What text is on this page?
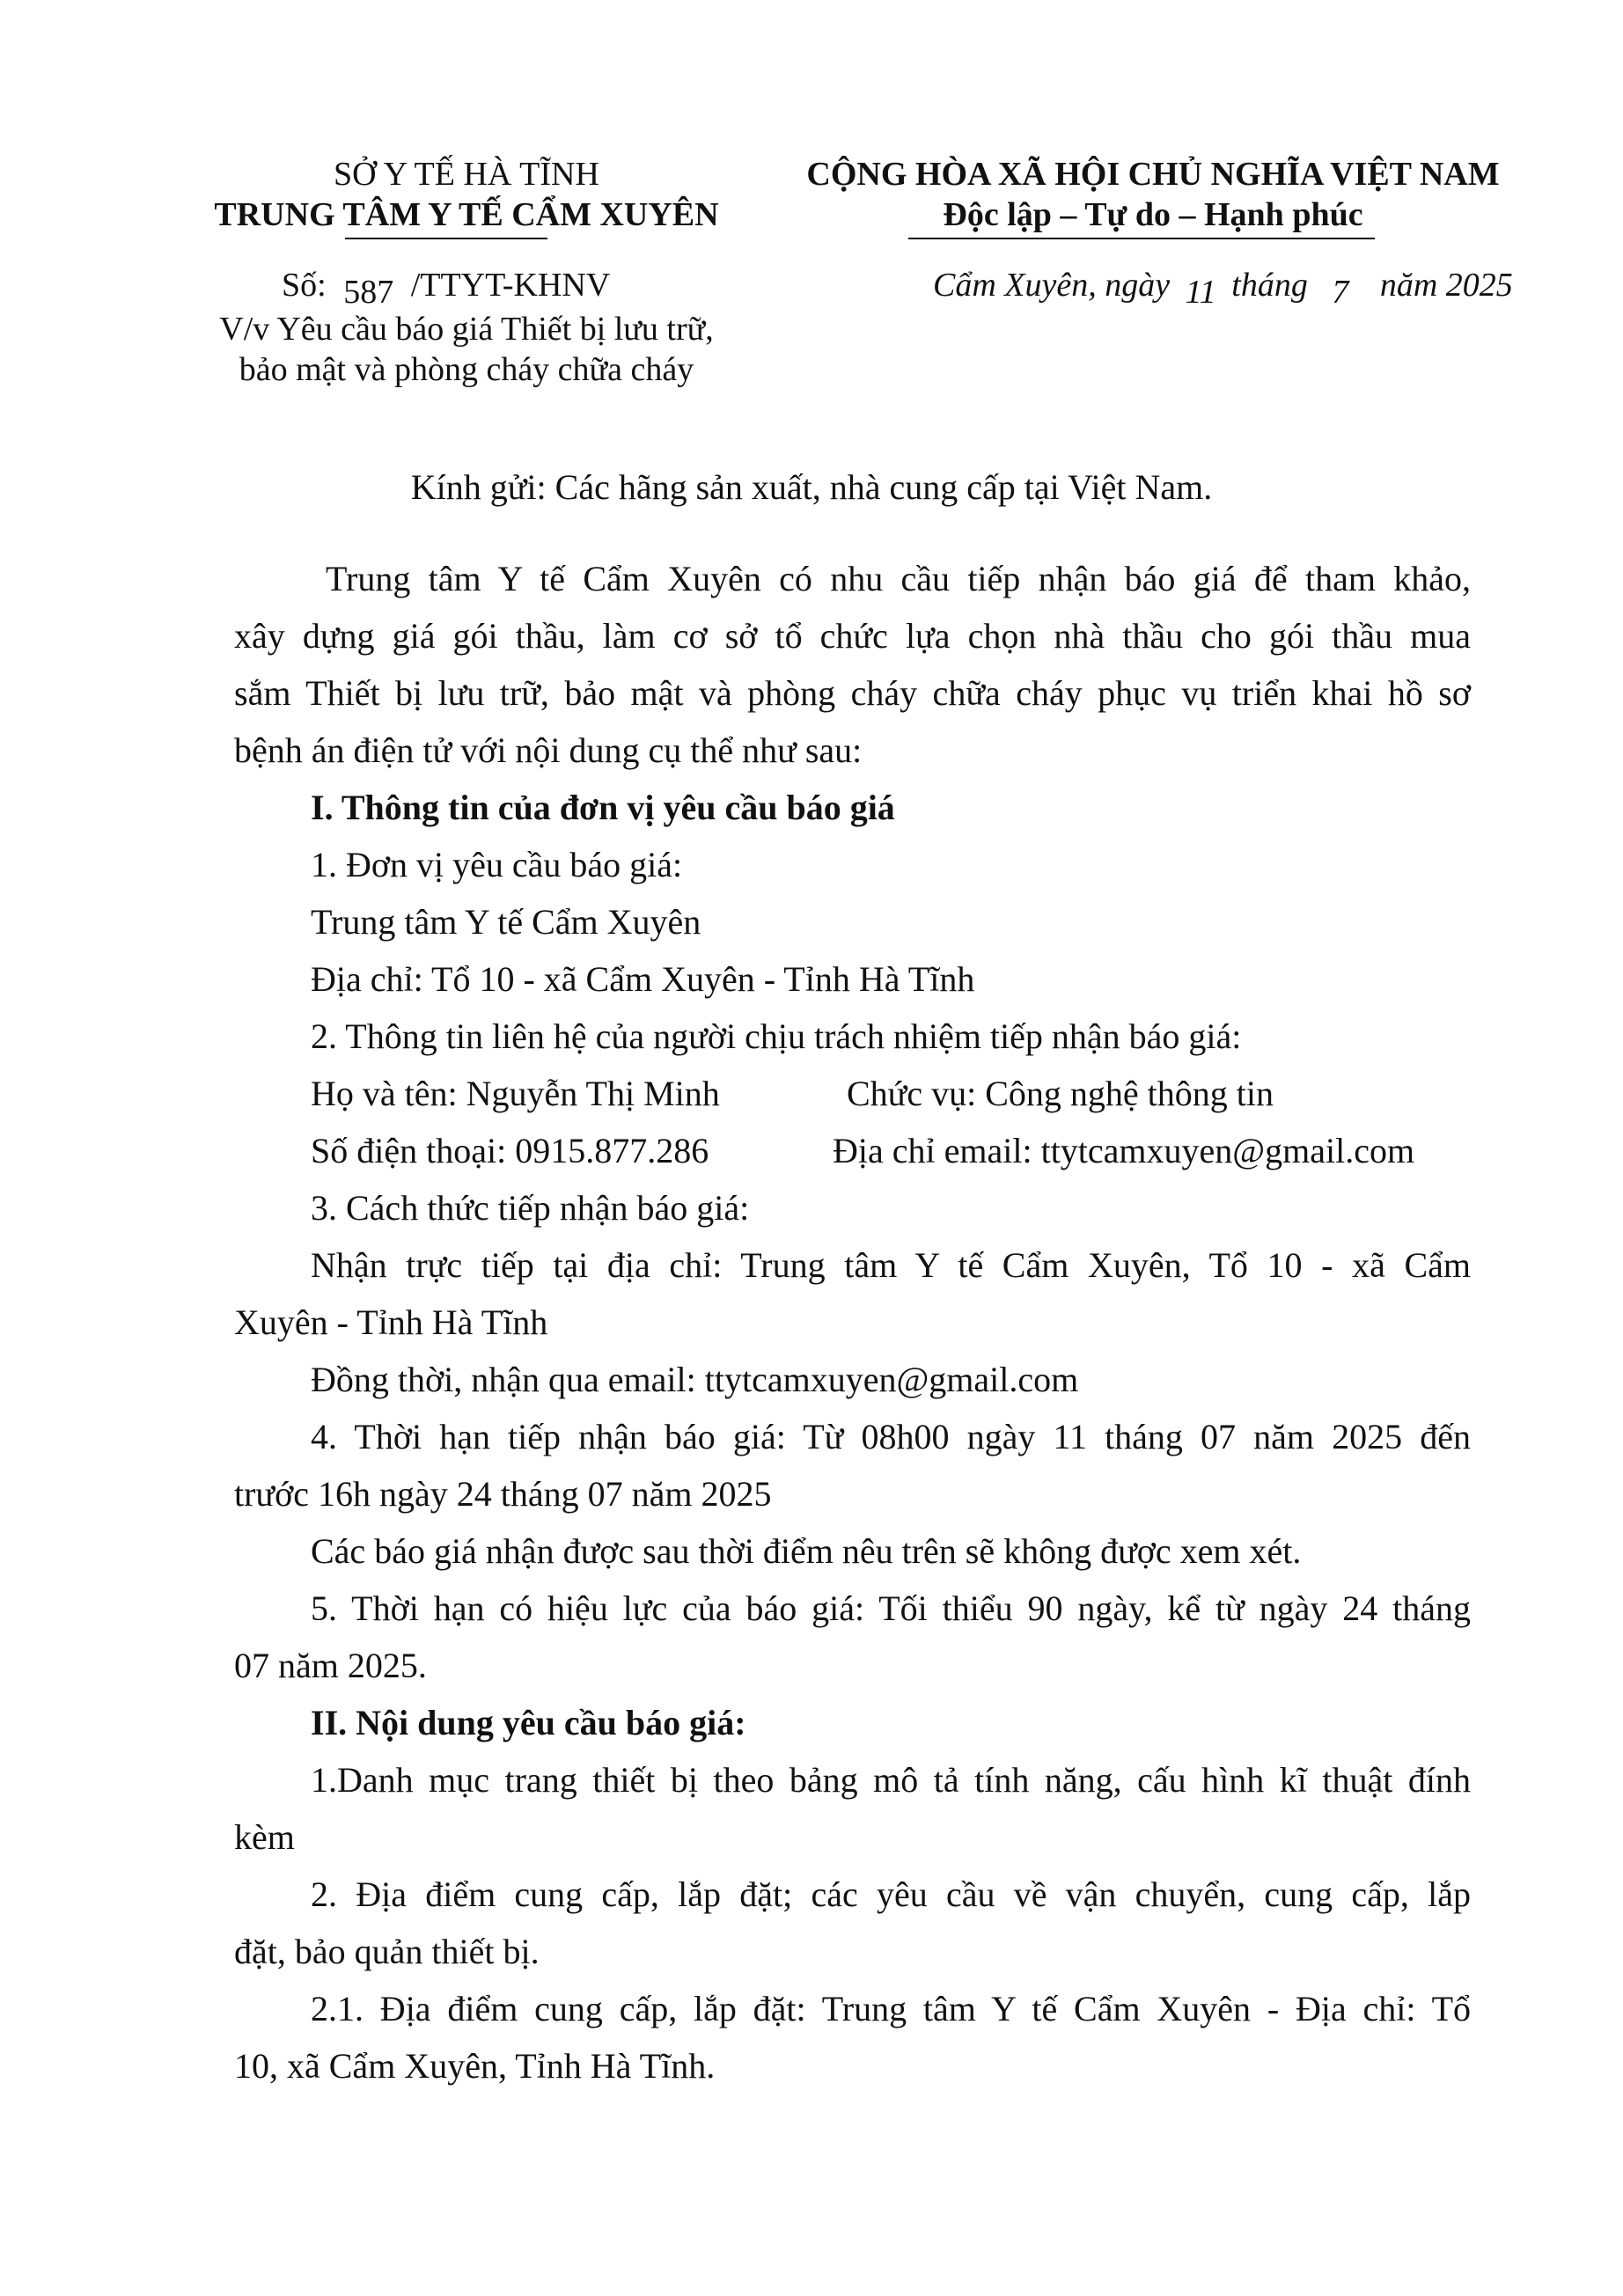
SỞ Y TẾ HÀ TĨNH
TRUNG TÂM Y TẾ CẨM XUYÊN
Số: 587 /TTYT-KHNV
V/v Yêu cầu báo giá Thiết bị lưu trữ,
bảo mật và phòng cháy chữa cháy
CỘNG HÒA XÃ HỘI CHỦ NGHĨA VIỆT NAM
Độc lập – Tự do – Hạnh phúc
Cẩm Xuyên, ngày 11 tháng 7 năm 2025
Kính gửi: Các hãng sản xuất, nhà cung cấp tại Việt Nam.
Trung tâm Y tế Cẩm Xuyên có nhu cầu tiếp nhận báo giá để tham khảo,
xây dựng giá gói thầu, làm cơ sở tổ chức lựa chọn nhà thầu cho gói thầu mua
sắm Thiết bị lưu trữ, bảo mật và phòng cháy chữa cháy phục vụ triển khai hồ sơ
bệnh án điện tử với nội dung cụ thể như sau:
I. Thông tin của đơn vị yêu cầu báo giá
1. Đơn vị yêu cầu báo giá:
Trung tâm Y tế Cẩm Xuyên
Địa chỉ: Tổ 10 - xã Cẩm Xuyên - Tỉnh Hà Tĩnh
2. Thông tin liên hệ của người chịu trách nhiệm tiếp nhận báo giá:
Họ và tên: Nguyễn Thị Minh	Chức vụ: Công nghệ thông tin
Số điện thoại: 0915.877.286	Địa chỉ email: ttytcamxuyen@gmail.com
3. Cách thức tiếp nhận báo giá:
Nhận trực tiếp tại địa chỉ: Trung tâm Y tế Cẩm Xuyên, Tổ 10 - xã Cẩm
Xuyên - Tỉnh Hà Tĩnh
Đồng thời, nhận qua email: ttytcamxuyen@gmail.com
4. Thời hạn tiếp nhận báo giá: Từ 08h00 ngày 11 tháng 07 năm 2025 đến
trước 16h ngày 24 tháng 07 năm 2025
Các báo giá nhận được sau thời điểm nêu trên sẽ không được xem xét.
5. Thời hạn có hiệu lực của báo giá: Tối thiểu 90 ngày, kể từ ngày 24 tháng
07 năm 2025.
II. Nội dung yêu cầu báo giá:
1.Danh mục trang thiết bị theo bảng mô tả tính năng, cấu hình kĩ thuật đính
kèm
2. Địa điểm cung cấp, lắp đặt; các yêu cầu về vận chuyển, cung cấp, lắp
đặt, bảo quản thiết bị.
2.1. Địa điểm cung cấp, lắp đặt: Trung tâm Y tế Cẩm Xuyên - Địa chỉ: Tổ
10, xã Cẩm Xuyên, Tỉnh Hà Tĩnh.
